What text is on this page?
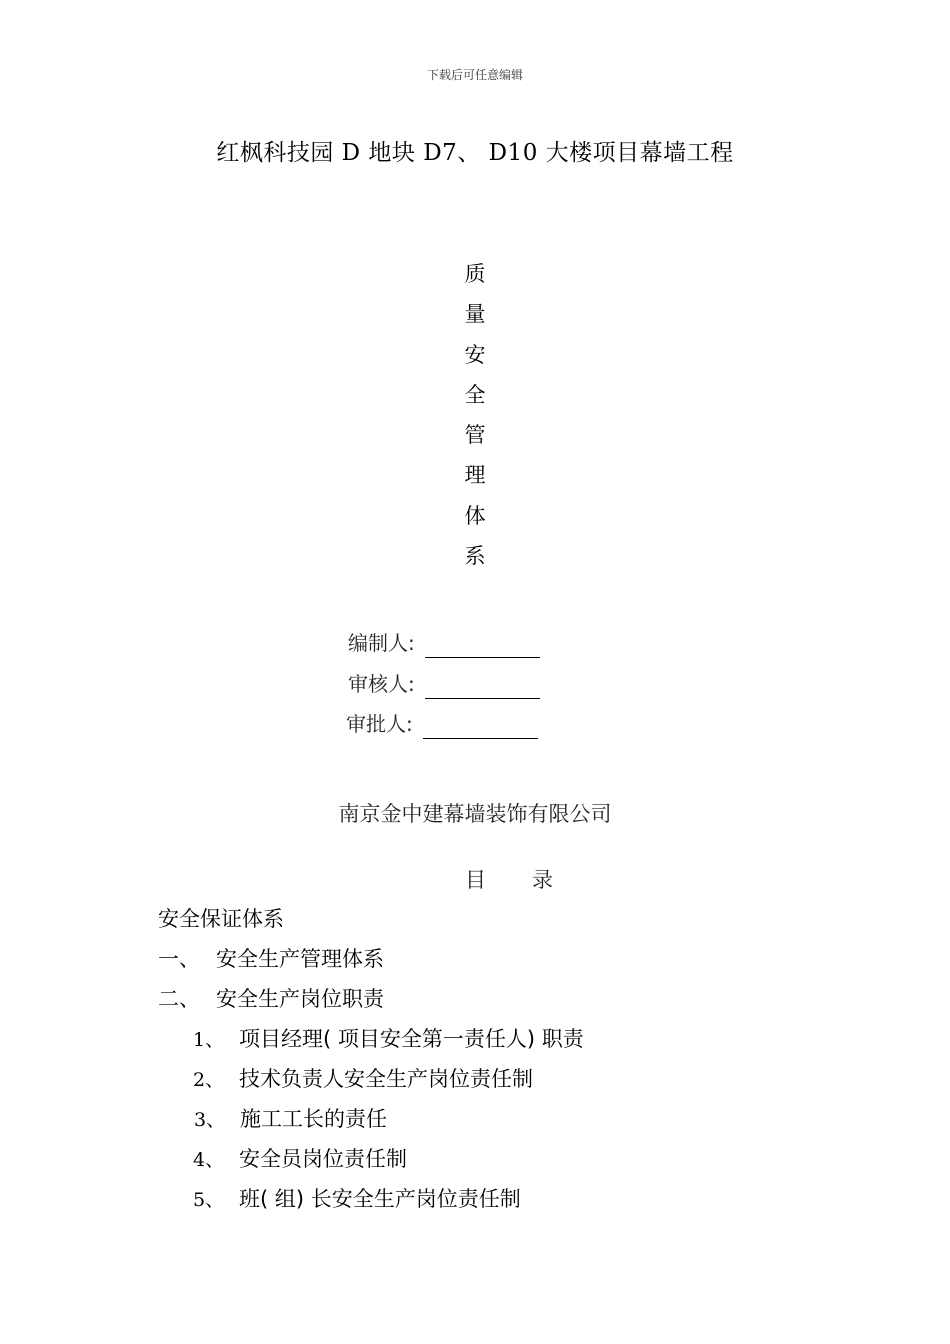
下载后可任意编辑
红枫科技园 D 地块 D7、 D10 大楼项目幕墙工程
质
量
安
全
管
理
体
系
编制人:
审核人:
审批人:
南京金中建幕墙装饰有限公司
目 录
安全保证体系
一、 安全生产管理体系
二、 安全生产岗位职责
1、 项目经理( 项目安全第一责任人) 职责
2、 技术负责人安全生产岗位责任制
3、 施工工长的责任
4、 安全员岗位责任制
5、 班( 组) 长安全生产岗位责任制
